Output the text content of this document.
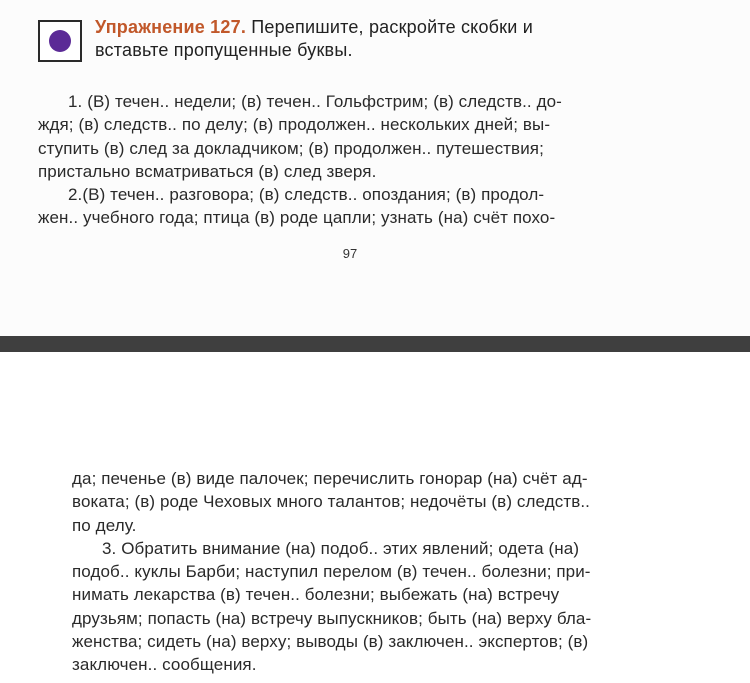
Упражнение 127. Перепишите, раскройте скобки и
вставьте пропущенные буквы.

1. (В) течен.. недели; (в) течен.. Гольфстрим; (в) следств.. до-

ждя; (в) следств.. по делу; (в) продолжен.. нескольких дней; вы-

ступить (в) след за докладчиком; (в) продолжен.. путешествия;

пристально всматриваться (в) след зверя.

2.(В) течен.. разговора; (в) следств.. опоздания; (в) продол-

жен.. учебного года; птица (в) роде цапли; узнать (на) счёт похо-

97

да; печенье (в) виде палочек; перечислить гонорар (на) счёт ад-

воката; (в) роде Чеховых много талантов; недочёты (в) следств..

по делу.

3. Обратить внимание (на) подоб.. этих явлений; одета (на)

подоб.. куклы Барби; наступил перелом (в) течен.. болезни; при-

нимать лекарства (в) течен.. болезни; выбежать (на) встречу

друзьям; попасть (на) встречу выпускников; быть (на) верху бла-

женства; сидеть (на) верху; выводы (в) заключен.. экспертов; (в)

заключен.. сообщения.
